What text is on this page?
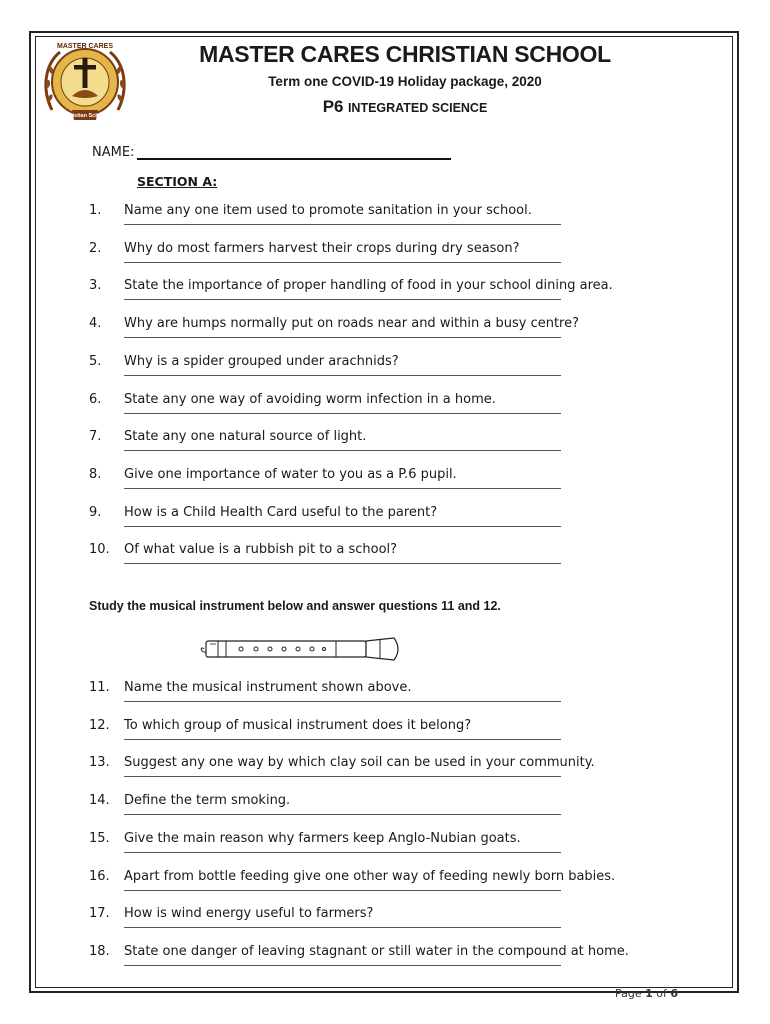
MASTER CARES
Christian School
MASTER CARES CHRISTIAN SCHOOL
Term one COVID-19 Holiday package, 2020
P6 INTEGRATED SCIENCE
NAME:
SECTION A:
1. Name any one item used to promote sanitation in your school.
2. Why do most farmers harvest their crops during dry season?
3. State the importance of proper handling of food in your school dining area.
4. Why are humps normally put on roads near and within a busy centre?
5. Why is a spider grouped under arachnids?
6. State any one way of avoiding worm infection in a home.
7. State any one natural source of light.
8. Give one importance of water to you as a P.6 pupil.
9. How is a Child Health Card useful to the parent?
10. Of what value is a rubbish pit to a school?
Study the musical instrument below and answer questions 11 and 12.
11. Name the musical instrument shown above.
12. To which group of musical instrument does it belong?
13. Suggest any one way by which clay soil can be used in your community.
14. Define the term smoking.
15. Give the main reason why farmers keep Anglo-Nubian goats.
16. Apart from bottle feeding give one other way of feeding newly born babies.
17. How is wind energy useful to farmers?
18. State one danger of leaving stagnant or still water in the compound at home.
Page 1 of 6
